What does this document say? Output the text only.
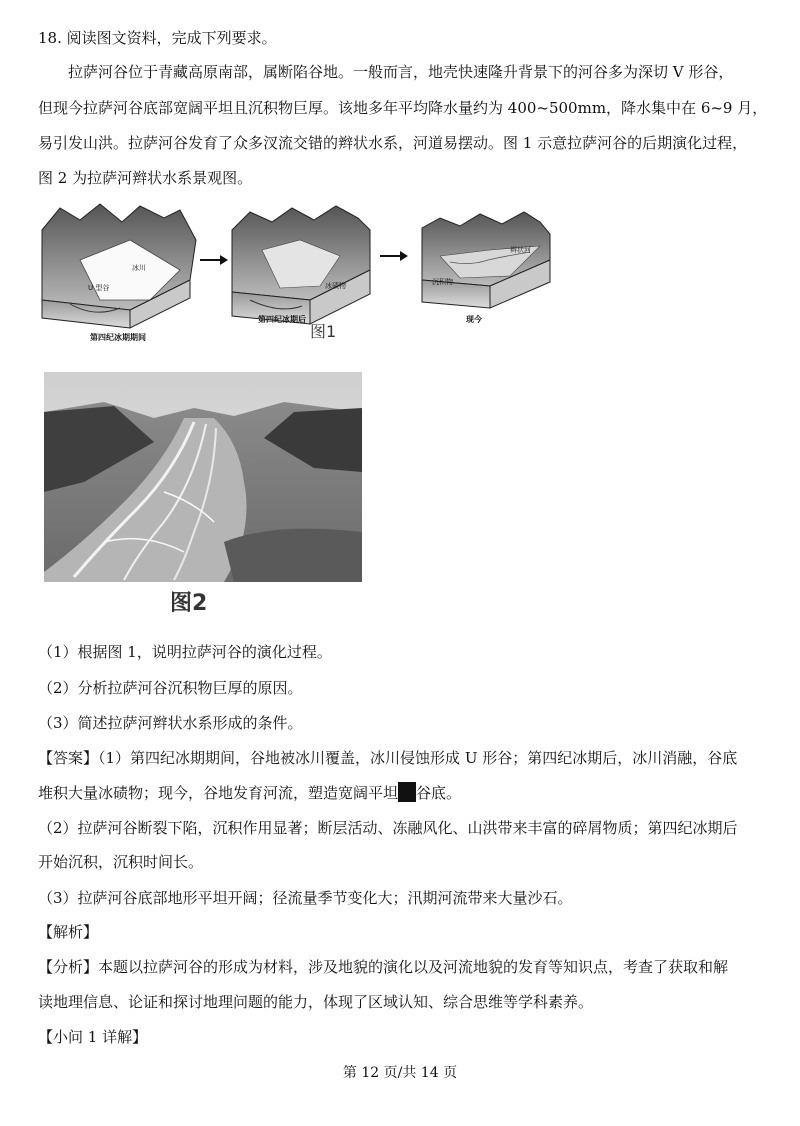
18. 阅读图文资料，完成下列要求。
拉萨河谷位于青藏高原南部，属断陷谷地。一般而言，地壳快速隆升背景下的河谷多为深切 V 形谷，
但现今拉萨河谷底部宽阔平坦且沉积物巨厚。该地多年平均降水量约为 400~500mm，降水集中在 6~9 月，
易引发山洪。拉萨河谷发育了众多汊流交错的辫状水系，河道易摆动。图 1 示意拉萨河谷的后期演化过程，
图 2 为拉萨河辫状水系景观图。
冰川
U 型谷
第四纪冰期期间
冰碛物
第四纪冰期后
图1
辫状河
沉积物
现今
图2
（1）根据图 1，说明拉萨河谷的演化过程。
（2）分析拉萨河谷沉积物巨厚的原因。
（3）简述拉萨河辫状水系形成的条件。
【答案】（1）第四纪冰期期间，谷地被冰川覆盖，冰川侵蚀形成 U 形谷；第四纪冰期后，冰川消融，谷底
堆积大量冰碛物；现今，谷地发育河流，塑造宽阔平坦 谷底。
（2）拉萨河谷断裂下陷，沉积作用显著；断层活动、冻融风化、山洪带来丰富的碎屑物质；第四纪冰期后
开始沉积，沉积时间长。
（3）拉萨河谷底部地形平坦开阔；径流量季节变化大；汛期河流带来大量沙石。
【解析】
【分析】本题以拉萨河谷的形成为材料，涉及地貌的演化以及河流地貌的发育等知识点，考查了获取和解
读地理信息、论证和探讨地理问题的能力，体现了区域认知、综合思维等学科素养。
【小问 1 详解】
第 12 页/共 14 页
